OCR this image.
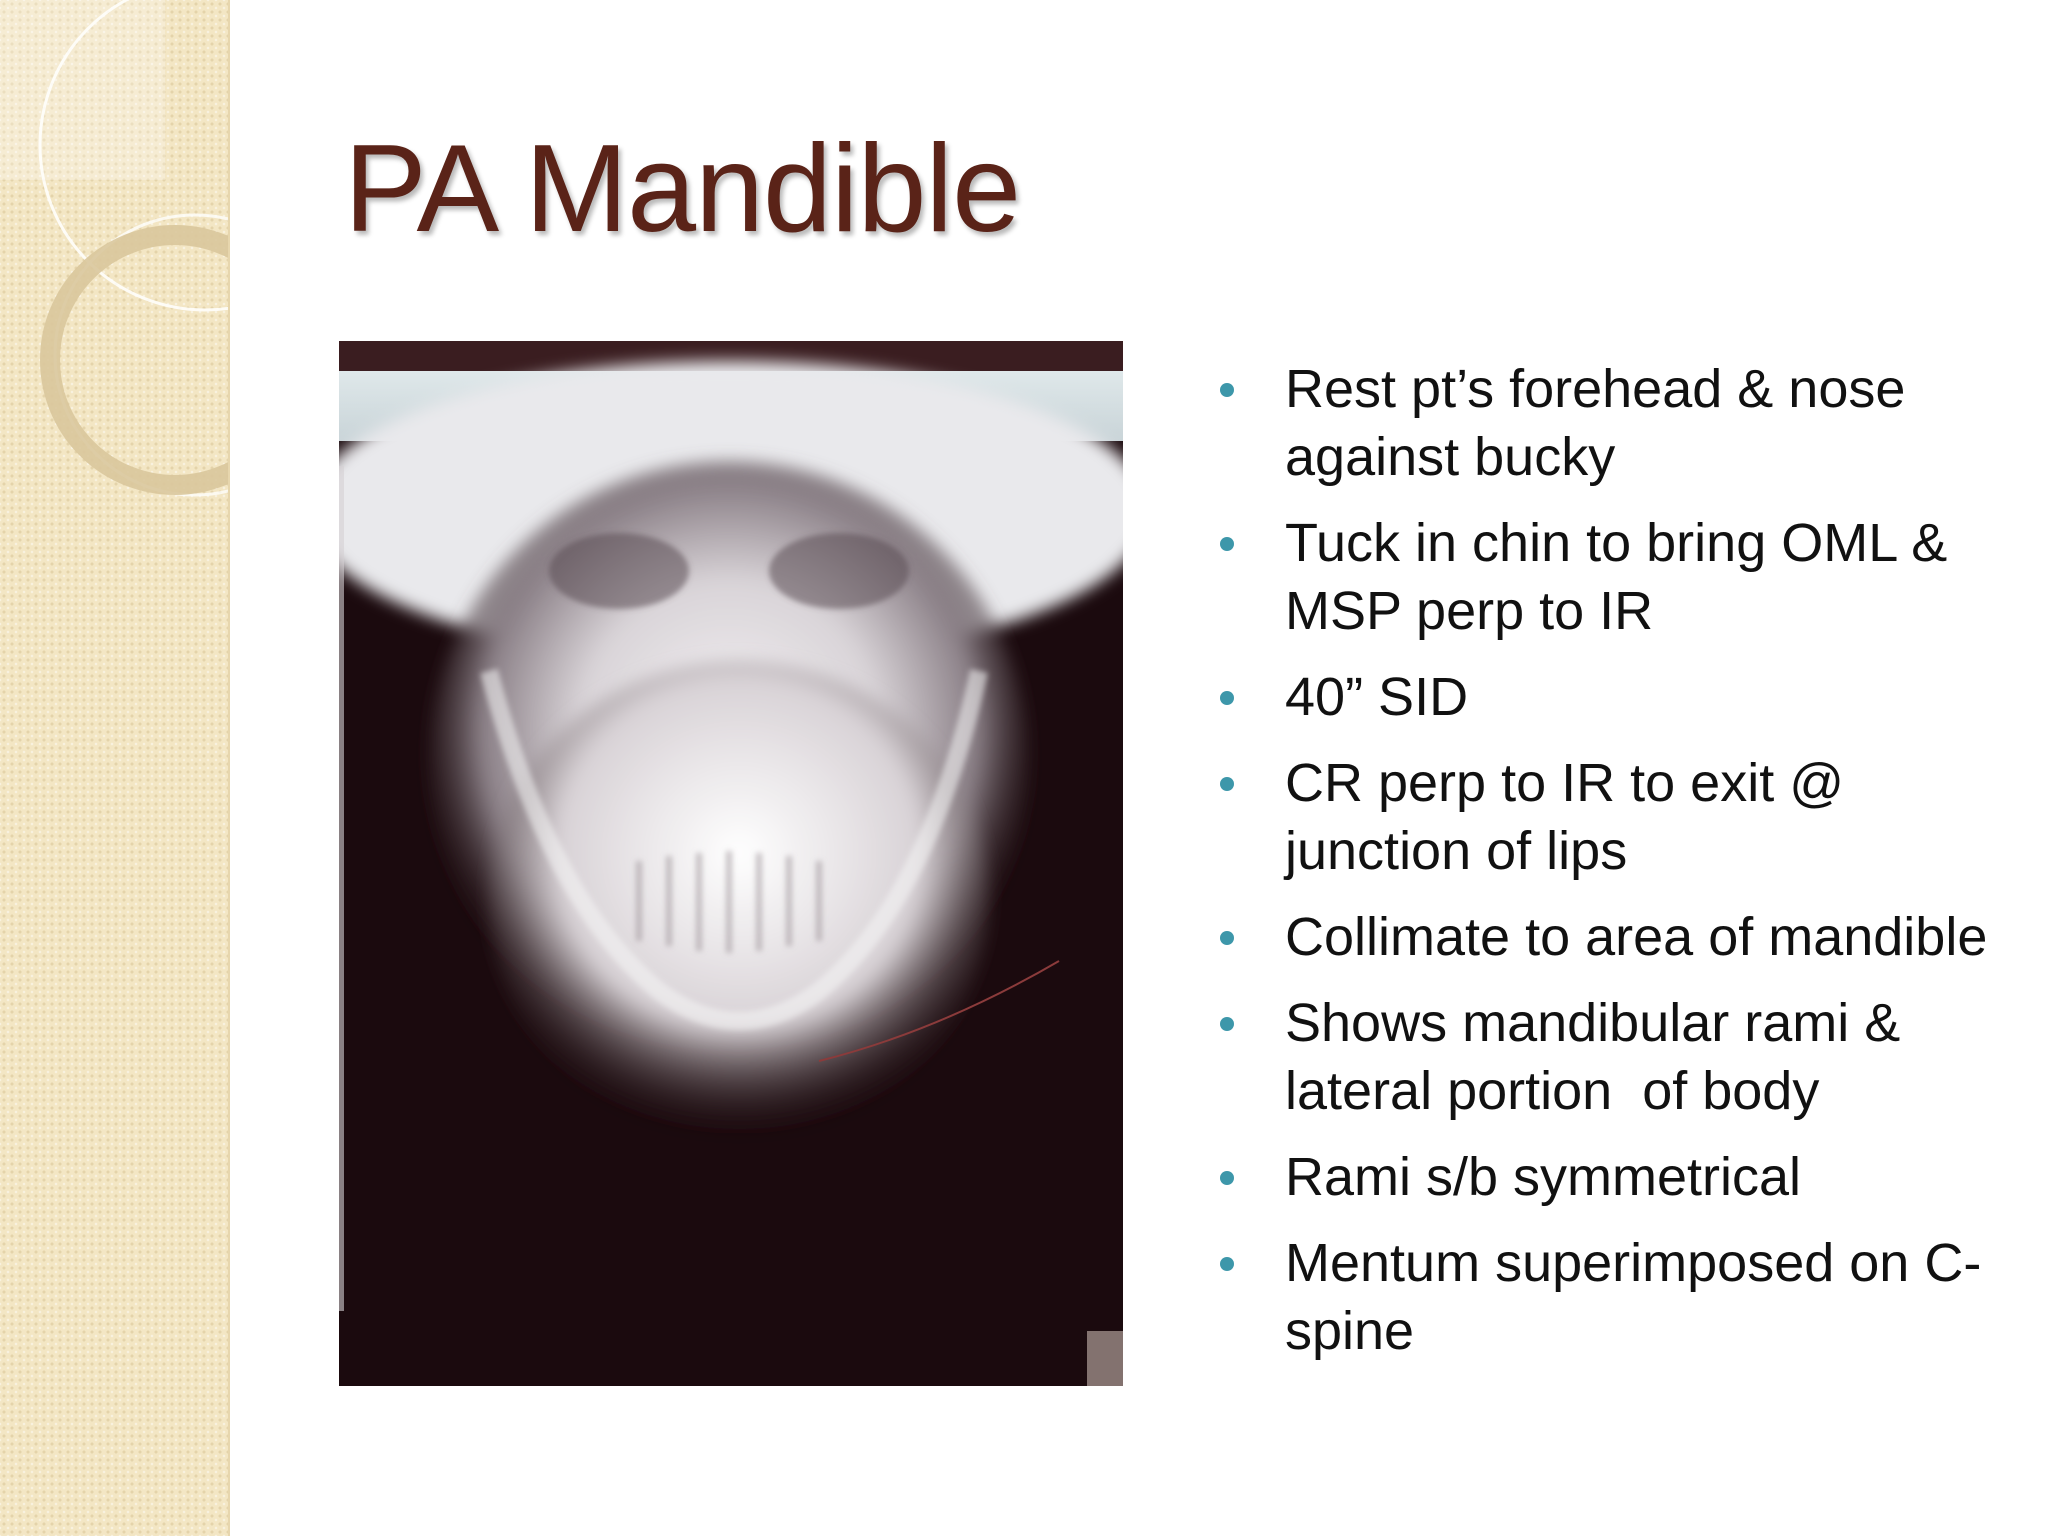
PA Mandible
Rest pt’s forehead & nose against bucky
Tuck in chin to bring OML & MSP perp to IR
40” SID
CR perp to IR to exit @ junction of lips
Collimate to area of mandible
Shows mandibular rami & lateral portion  of body
Rami s/b symmetrical
Mentum superimposed on C-spine
